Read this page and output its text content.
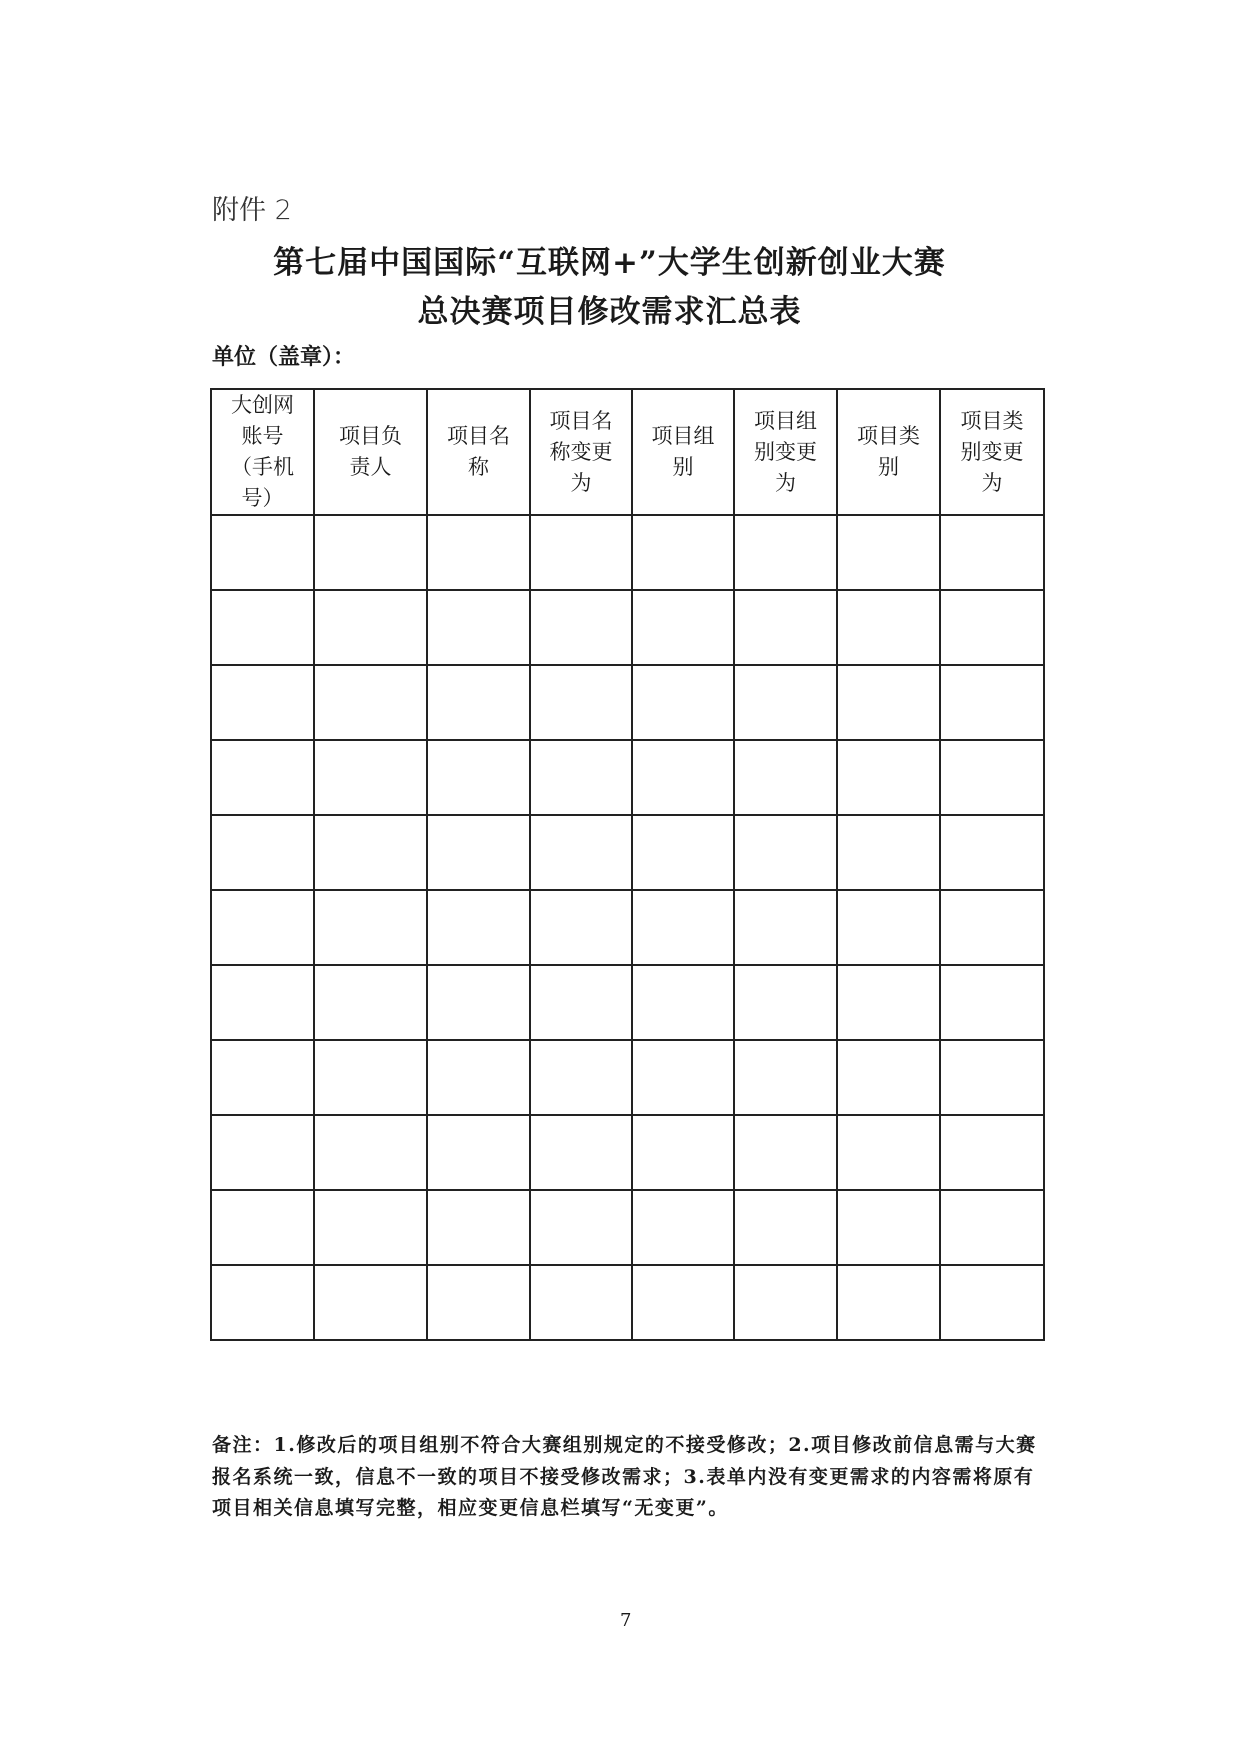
附件 2
第七届中国国际“互联网+”大学生创新创业大赛
总决赛项目修改需求汇总表
单位（盖章）：
大创网账号（手机号）	项目负责人	项目名称	项目名称变更为	项目组别	项目组别变更为	项目类别	项目类别变更为

备注：1.修改后的项目组别不符合大赛组别规定的不接受修改；2.项目修改前信息需与大赛报名系统一致，信息不一致的项目不接受修改需求；3.表单内没有变更需求的内容需将原有项目相关信息填写完整，相应变更信息栏填写“无变更”。
7
